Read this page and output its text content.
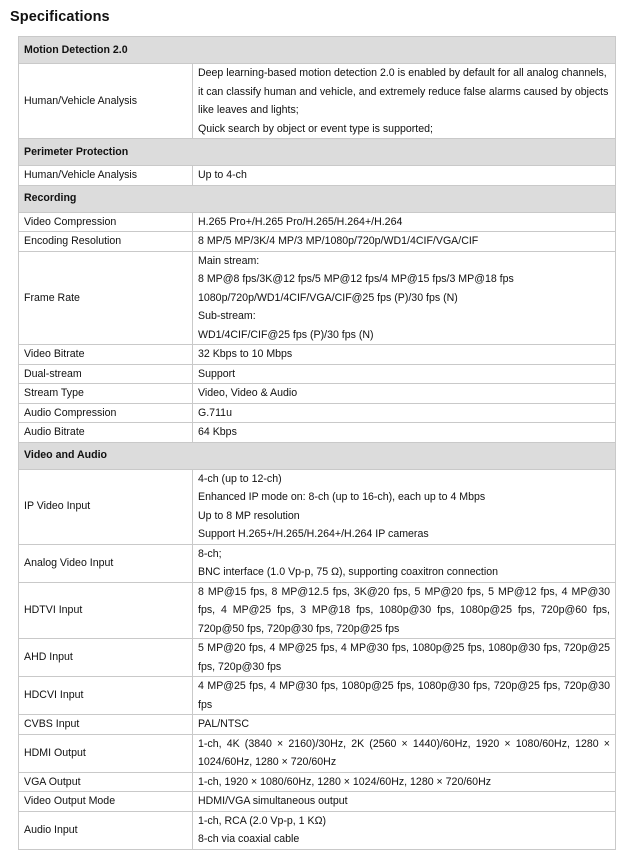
Specifications
Motion Detection 2.0	
Human/Vehicle Analysis	Deep learning-based motion detection 2.0 is enabled by default for all analog channels, it can classify human and vehicle, and extremely reduce false alarms caused by objects like leaves and lights;
Quick search by object or event type is supported;

Perimeter Protection	
Human/Vehicle Analysis	Up to 4-ch

Recording	
Video Compression	H.265 Pro+/H.265 Pro/H.265/H.264+/H.264

Encoding Resolution	8 MP/5 MP/3K/4 MP/3 MP/1080p/720p/WD1/4CIF/VGA/CIF

Frame Rate	Main stream:
8 MP@8 fps/3K@12 fps/5 MP@12 fps/4 MP@15 fps/3 MP@18 fps
1080p/720p/WD1/4CIF/VGA/CIF@25 fps (P)/30 fps (N)
Sub-stream:
WD1/4CIF/CIF@25 fps (P)/30 fps (N)

Video Bitrate	32 Kbps to 10 Mbps

Dual-stream	Support

Stream Type	Video, Video & Audio

Audio Compression	G.711u

Audio Bitrate	64 Kbps

Video and Audio	
IP Video Input	4-ch (up to 12-ch)
Enhanced IP mode on: 8-ch (up to 16-ch), each up to 4 Mbps
Up to 8 MP resolution
Support H.265+/H.265/H.264+/H.264 IP cameras

Analog Video Input	8-ch;
BNC interface (1.0 Vp-p, 75 Ω), supporting coaxitron connection

HDTVI Input	8 MP@15 fps, 8 MP@12.5 fps, 3K@20 fps, 5 MP@20 fps, 5 MP@12 fps, 4 MP@30 fps, 4 MP@25 fps, 3 MP@18 fps, 1080p@30 fps, 1080p@25 fps, 720p@60 fps, 720p@50 fps, 720p@30 fps, 720p@25 fps

AHD Input	5 MP@20 fps, 4 MP@25 fps, 4 MP@30 fps, 1080p@25 fps, 1080p@30 fps, 720p@25 fps, 720p@30 fps

HDCVI Input	4 MP@25 fps, 4 MP@30 fps, 1080p@25 fps, 1080p@30 fps, 720p@25 fps, 720p@30 fps

CVBS Input	PAL/NTSC

HDMI Output	1-ch, 4K (3840 × 2160)/30Hz, 2K (2560 × 1440)/60Hz, 1920 × 1080/60Hz, 1280 × 1024/60Hz, 1280 × 720/60Hz

VGA Output	1-ch, 1920 × 1080/60Hz, 1280 × 1024/60Hz, 1280 × 720/60Hz

Video Output Mode	HDMI/VGA simultaneous output

Audio Input	1-ch, RCA (2.0 Vp-p, 1 KΩ)
8-ch via coaxial cable
